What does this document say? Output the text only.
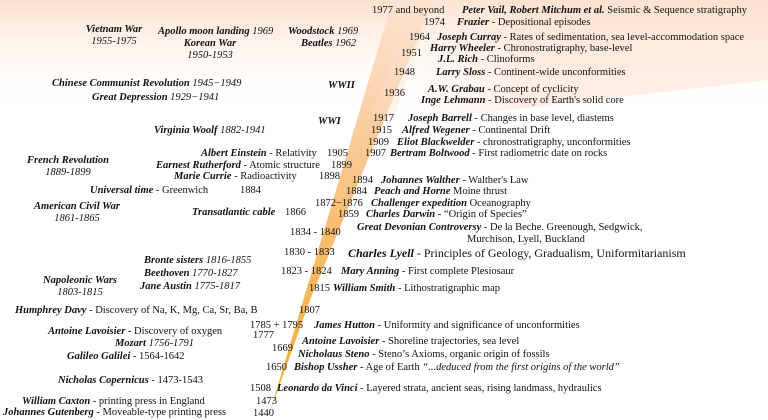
1977 and beyond
1974
1964
1951
1948
1936
1917
1915
1909
1907
1905
1899
1898 1894
1884
1884
1872−1876
1866	1859
1834 - 1840
1830 - 1833
1823 - 1824
1815
1807
1785 + 1795
1777
1669
1650
1508
1473
1440
Peter Vail, Robert Mitchum et al. Seismic & Sequence stratigraphy
Frazier - Depositional episodes
Joseph Curray - Rates of sedimentation, sea level-accommodation space
Harry Wheeler - Chronostratigraphy, base-level
J.L. Rich - Clinoforms
Larry Sloss - Continent-wide unconformities
A.W. Grabau - Concept of cyclicity
Inge Lehmann - Discovery of Earth's solid core
Joseph Barrell - Changes in base level, diastems
Alfred Wegener - Continental Drift
Eliot Blackwelder - chronostratigraphy, unconformities
Bertram Boltwood - First radiometric date on rocks
Johannes Walther - Walther's Law
Peach and Horne Moine thrust
Challenger expedition Oceanography
Charles Darwin - “Origin of Species”
Great Devonian Controversy - De la Beche. Greenough, Sedgwick,
Murchison, Lyell, Buckland
Charles Lyell - Principles of Geology, Gradualism, Uniformitarianism
Mary Anning - First complete Plesiosaur
William Smith - Lithostratigraphic map
James Hutton - Uniformity and significance of unconformities
Antoine Lavoisier - Shoreline trajectories, sea level
Nicholaus Steno - Steno’s Axioms, organic origin of fossils
Bishop Ussher - Age of Earth “...deduced from the first origins of the world”
Leonardo da Vinci - Layered strata, ancient seas, rising landmass, hydraulics
Vietnam War
1955-1975
Apollo moon landing 1969
Korean War
1950-1953
Woodstock 1969
Beatles 1962
Chinese Communist Revolution 1945−1949
Great Depression 1929−1941
WWII
WWI
Virginia Woolf 1882-1941
Albert Einstein - Relativity
French Revolution
1889-1899
Earnest Rutherford - Atomic structure
Marie Currie - Radioactivity
Universal time - Greenwich
American Civil War
1861-1865
Transatlantic cable
Bronte sisters 1816-1855
Beethoven 1770-1827
Napoleonic Wars
1803-1815
Jane Austin 1775-1817
Humphrey Davy - Discovery of Na, K, Mg, Ca, Sr, Ba, B
Antoine Lavoisier - Discovery of oxygen
Mozart 1756-1791
Galileo Galilei - 1564-1642
Nicholas Copernicus - 1473-1543
William Caxton - printing press in England
Johannes Gutenberg - Moveable-type printing press
